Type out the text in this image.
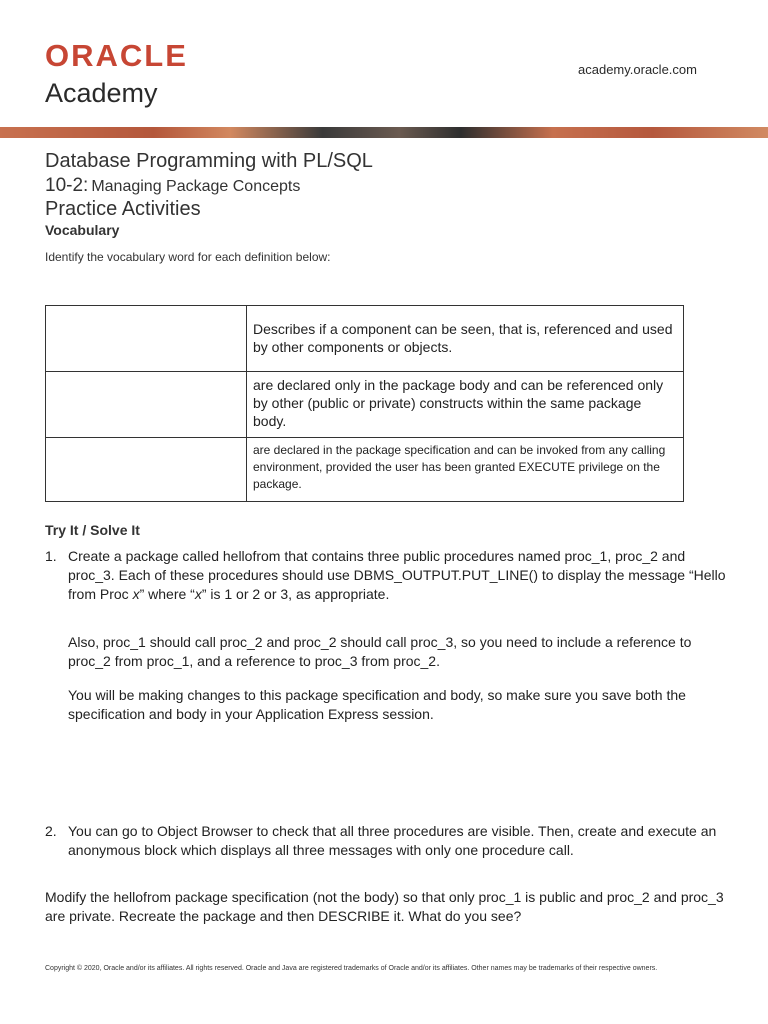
ORACLE
Academy
academy.oracle.com
Database Programming with PL/SQL
10-2: Managing Package Concepts
Practice Activities
Vocabulary
Identify the vocabulary word for each definition below:
	Describes if a component can be seen, that is, referenced and used by other components or objects.
	are declared only in the package body and can be referenced only by other (public or private) constructs within the same package body.
	are declared in the package specification and can be invoked from any calling environment, provided the user has been granted EXECUTE privilege on the package.
Try It / Solve It
1. Create a package called hellofrom that contains three public procedures named proc_1, proc_2 and proc_3. Each of these procedures should use DBMS_OUTPUT.PUT_LINE() to display the message “Hello from Proc x” where “x” is 1 or 2 or 3, as appropriate.
Also, proc_1 should call proc_2 and proc_2 should call proc_3, so you need to include a reference to proc_2 from proc_1, and a reference to proc_3 from proc_2.
You will be making changes to this package specification and body, so make sure you save both the specification and body in your Application Express session.
2. You can go to Object Browser to check that all three procedures are visible. Then, create and execute an anonymous block which displays all three messages with only one procedure call.
Modify the hellofrom package specification (not the body) so that only proc_1 is public and proc_2 and proc_3 are private. Recreate the package and then DESCRIBE it. What do you see?
Copyright © 2020, Oracle and/or its affiliates. All rights reserved. Oracle and Java are registered trademarks of Oracle and/or its affiliates. Other names may be trademarks of their respective owners.
